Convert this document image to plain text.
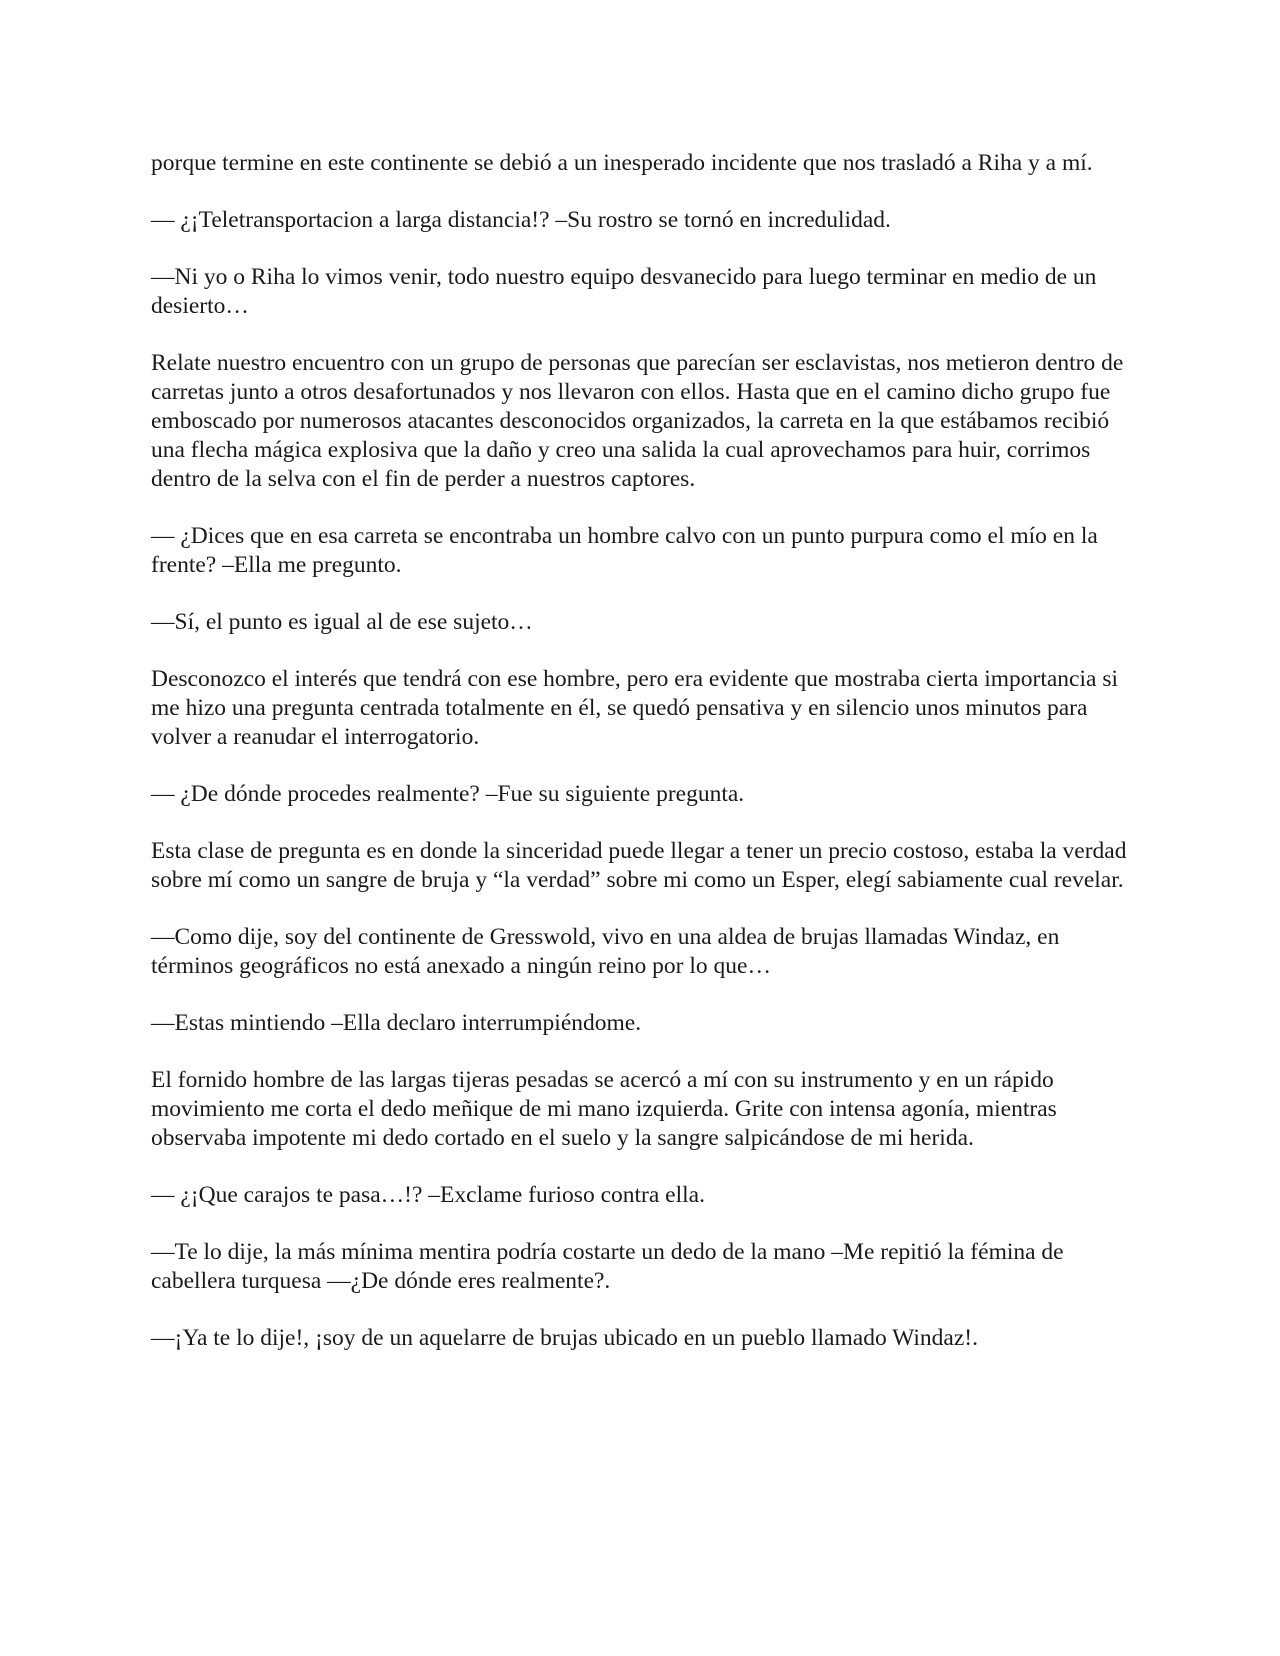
porque termine en este continente se debió a un inesperado incidente que nos trasladó a Riha y a mí.

— ¿¡Teletransportacion a larga distancia!? –Su rostro se tornó en incredulidad.

—Ni yo o Riha lo vimos venir, todo nuestro equipo desvanecido para luego terminar en medio de un desierto…

Relate nuestro encuentro con un grupo de personas que parecían ser esclavistas, nos metieron dentro de carretas junto a otros desafortunados y nos llevaron con ellos. Hasta que en el camino dicho grupo fue emboscado por numerosos atacantes desconocidos organizados, la carreta en la que estábamos recibió una flecha mágica explosiva que la daño y creo una salida la cual aprovechamos para huir, corrimos dentro de la selva con el fin de perder a nuestros captores.

— ¿Dices que en esa carreta se encontraba un hombre calvo con un punto purpura como el mío en la frente? –Ella me pregunto.

—Sí, el punto es igual al de ese sujeto…

Desconozco el interés que tendrá con ese hombre, pero era evidente que mostraba cierta importancia si me hizo una pregunta centrada totalmente en él, se quedó pensativa y en silencio unos minutos para volver a reanudar el interrogatorio.

— ¿De dónde procedes realmente? –Fue su siguiente pregunta.

Esta clase de pregunta es en donde la sinceridad puede llegar a tener un precio costoso, estaba la verdad sobre mí como un sangre de bruja y “la verdad” sobre mi como un Esper, elegí sabiamente cual revelar.

—Como dije, soy del continente de Gresswold, vivo en una aldea de brujas llamadas Windaz, en términos geográficos no está anexado a ningún reino por lo que…

—Estas mintiendo –Ella declaro interrumpiéndome.

El fornido hombre de las largas tijeras pesadas se acercó a mí con su instrumento y en un rápido movimiento me corta el dedo meñique de mi mano izquierda. Grite con intensa agonía, mientras observaba impotente mi dedo cortado en el suelo y la sangre salpicándose de mi herida.

— ¿¡Que carajos te pasa…!? –Exclame furioso contra ella.

—Te lo dije, la más mínima mentira podría costarte un dedo de la mano –Me repitió la fémina de cabellera turquesa —¿De dónde eres realmente?.

—¡Ya te lo dije!, ¡soy de un aquelarre de brujas ubicado en un pueblo llamado Windaz!.
